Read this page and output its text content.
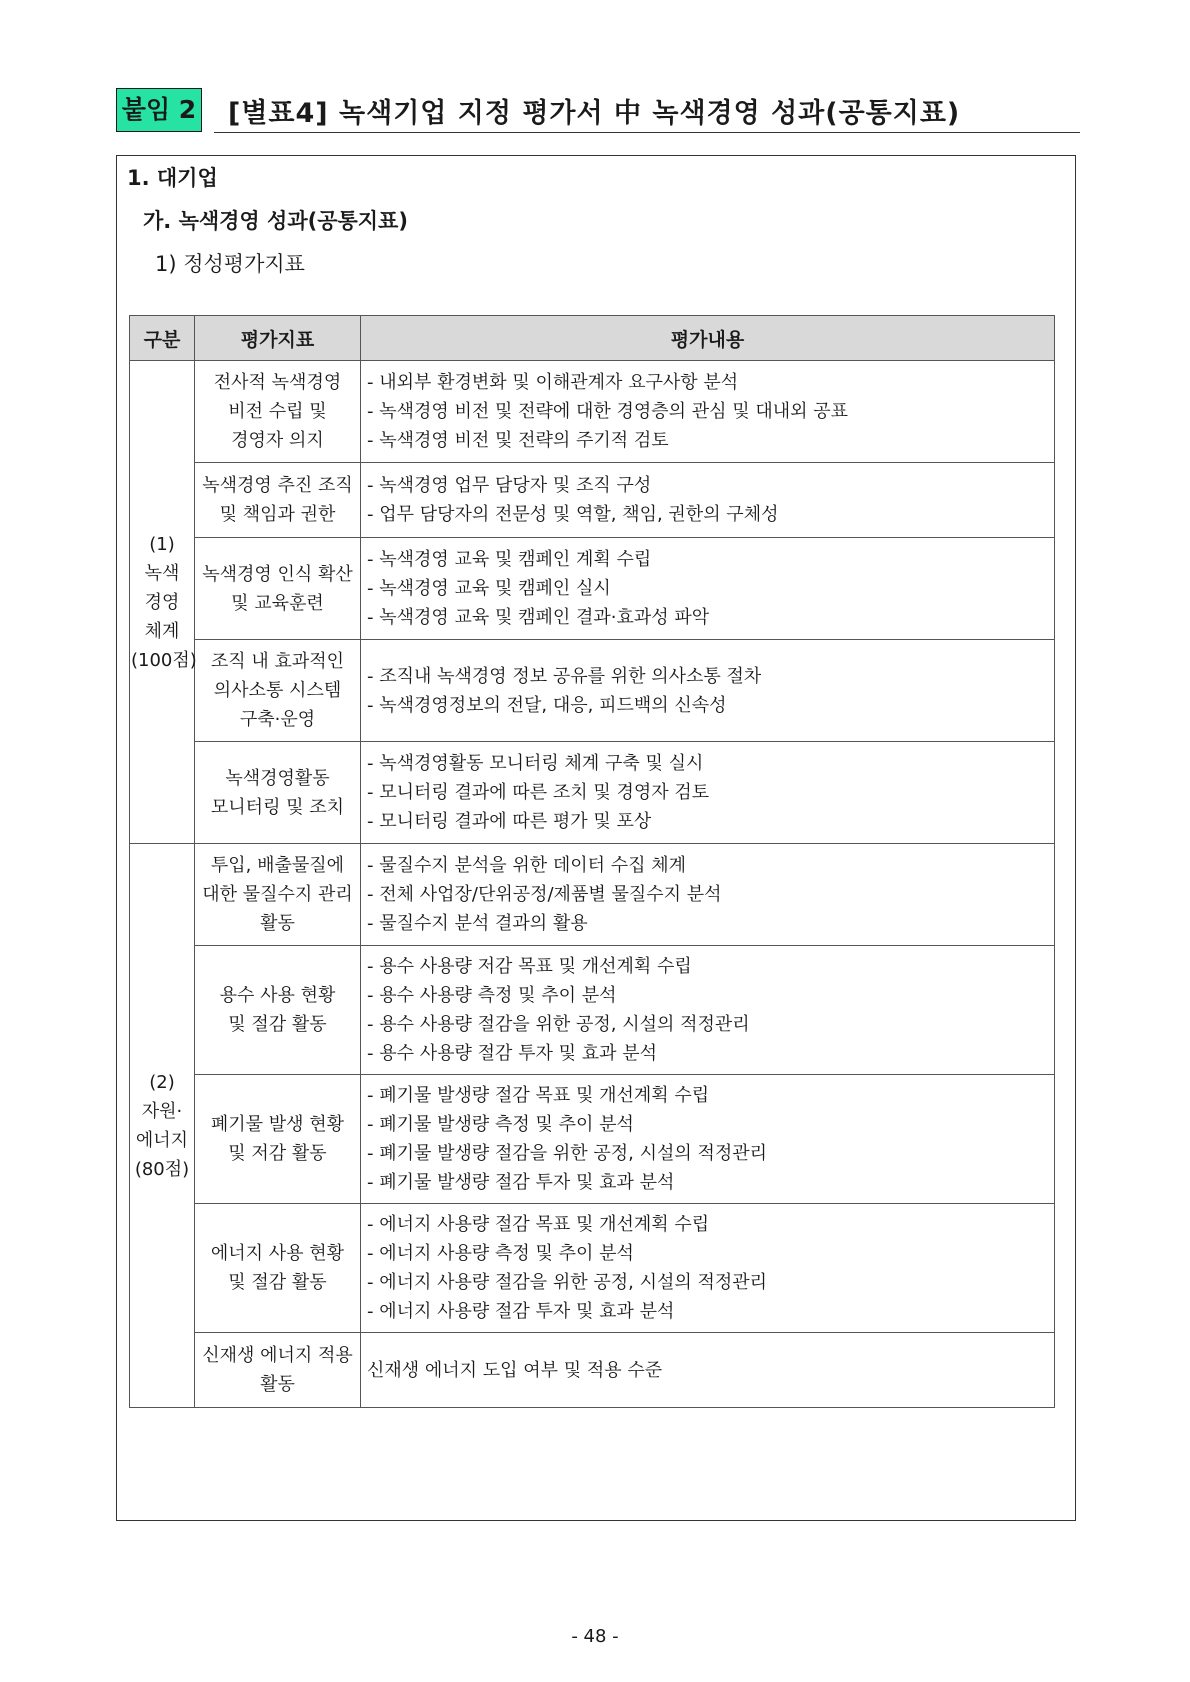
붙임 2 [별표4] 녹색기업 지정 평가서 中 녹색경영 성과(공통지표)
1. 대기업
가. 녹색경영 성과(공통지표)
1) 정성평가지표
구분	평가지표	평가내용

(1)
녹색
경영
체계
(100점)	전사적 녹색경영
비전 수립 및
경영자 의지	- 내외부 환경변화 및 이해관계자 요구사항 분석
- 녹색경영 비전 및 전략에 대한 경영층의 관심 및 대내외 공표
- 녹색경영 비전 및 전략의 주기적 검토

	녹색경영 추진 조직
및 책임과 권한	- 녹색경영 업무 담당자 및 조직 구성
- 업무 담당자의 전문성 및 역할, 책임, 권한의 구체성

	녹색경영 인식 확산
및 교육훈련	- 녹색경영 교육 및 캠페인 계획 수립
- 녹색경영 교육 및 캠페인 실시
- 녹색경영 교육 및 캠페인 결과·효과성 파악

	조직 내 효과적인
의사소통 시스템
구축·운영	- 조직내 녹색경영 정보 공유를 위한 의사소통 절차
- 녹색경영정보의 전달, 대응, 피드백의 신속성

	녹색경영활동
모니터링 및 조치	- 녹색경영활동 모니터링 체계 구축 및 실시
- 모니터링 결과에 따른 조치 및 경영자 검토
- 모니터링 결과에 따른 평가 및 포상

(2)
자원·
에너지
(80점)	투입, 배출물질에
대한 물질수지 관리
활동	- 물질수지 분석을 위한 데이터 수집 체계
- 전체 사업장/단위공정/제품별 물질수지 분석
- 물질수지 분석 결과의 활용

	용수 사용 현황
및 절감 활동	- 용수 사용량 저감 목표 및 개선계획 수립
- 용수 사용량 측정 및 추이 분석
- 용수 사용량 절감을 위한 공정, 시설의 적정관리
- 용수 사용량 절감 투자 및 효과 분석

	폐기물 발생 현황
및 저감 활동	- 폐기물 발생량 절감 목표 및 개선계획 수립
- 폐기물 발생량 측정 및 추이 분석
- 폐기물 발생량 절감을 위한 공정, 시설의 적정관리
- 폐기물 발생량 절감 투자 및 효과 분석

	에너지 사용 현황
및 절감 활동	- 에너지 사용량 절감 목표 및 개선계획 수립
- 에너지 사용량 측정 및 추이 분석
- 에너지 사용량 절감을 위한 공정, 시설의 적정관리
- 에너지 사용량 절감 투자 및 효과 분석

	신재생 에너지 적용
활동	신재생 에너지 도입 여부 및 적용 수준
- 48 -
